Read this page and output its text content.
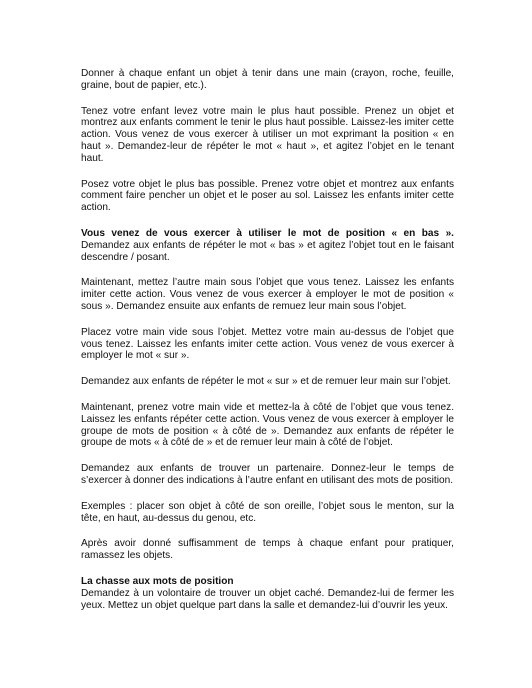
Donner à chaque enfant un objet à tenir dans une main (crayon, roche, feuille, graine, bout de papier, etc.).

Tenez votre enfant levez votre main le plus haut possible. Prenez un objet et montrez aux enfants comment le tenir le plus haut possible. Laissez-les imiter cette action. Vous venez de vous exercer à utiliser un mot exprimant la position « en haut ». Demandez-leur de répéter le mot « haut », et agitez l’objet en le tenant haut.

Posez votre objet le plus bas possible. Prenez votre objet et montrez aux enfants comment faire pencher un objet et le poser au sol. Laissez les enfants imiter cette action.

Vous venez de vous exercer à utiliser le mot de position « en bas ». Demandez aux enfants de répéter le mot « bas » et agitez l’objet tout en le faisant descendre / posant.

Maintenant, mettez l’autre main sous l’objet que vous tenez. Laissez les enfants imiter cette action. Vous venez de vous exercer à employer le mot de position « sous ». Demandez ensuite aux enfants de remuez leur main sous l’objet.

Placez votre main vide sous l’objet. Mettez votre main au-dessus de l’objet que vous tenez. Laissez les enfants imiter cette action. Vous venez de vous exercer à employer le mot « sur ».

Demandez aux enfants de répéter le mot « sur » et de remuer leur main sur l’objet.

Maintenant, prenez votre main vide et mettez-la à côté de l’objet que vous tenez. Laissez les enfants répéter cette action. Vous venez de vous exercer à employer le groupe de mots de position « à côté de ». Demandez aux enfants de répéter le groupe de mots « à côté de » et de remuer leur main à côté de l’objet.

Demandez aux enfants de trouver un partenaire. Donnez-leur le temps de s’exercer à donner des indications à l’autre enfant en utilisant des mots de position.

Exemples : placer son objet à côté de son oreille, l’objet sous le menton, sur la tête, en haut, au-dessus du genou, etc.

Après avoir donné suffisamment de temps à chaque enfant pour pratiquer, ramassez les objets.

La chasse aux mots de position
Demandez à un volontaire de trouver un objet caché. Demandez-lui de fermer les yeux. Mettez un objet quelque part dans la salle et demandez-lui d’ouvrir les yeux.
